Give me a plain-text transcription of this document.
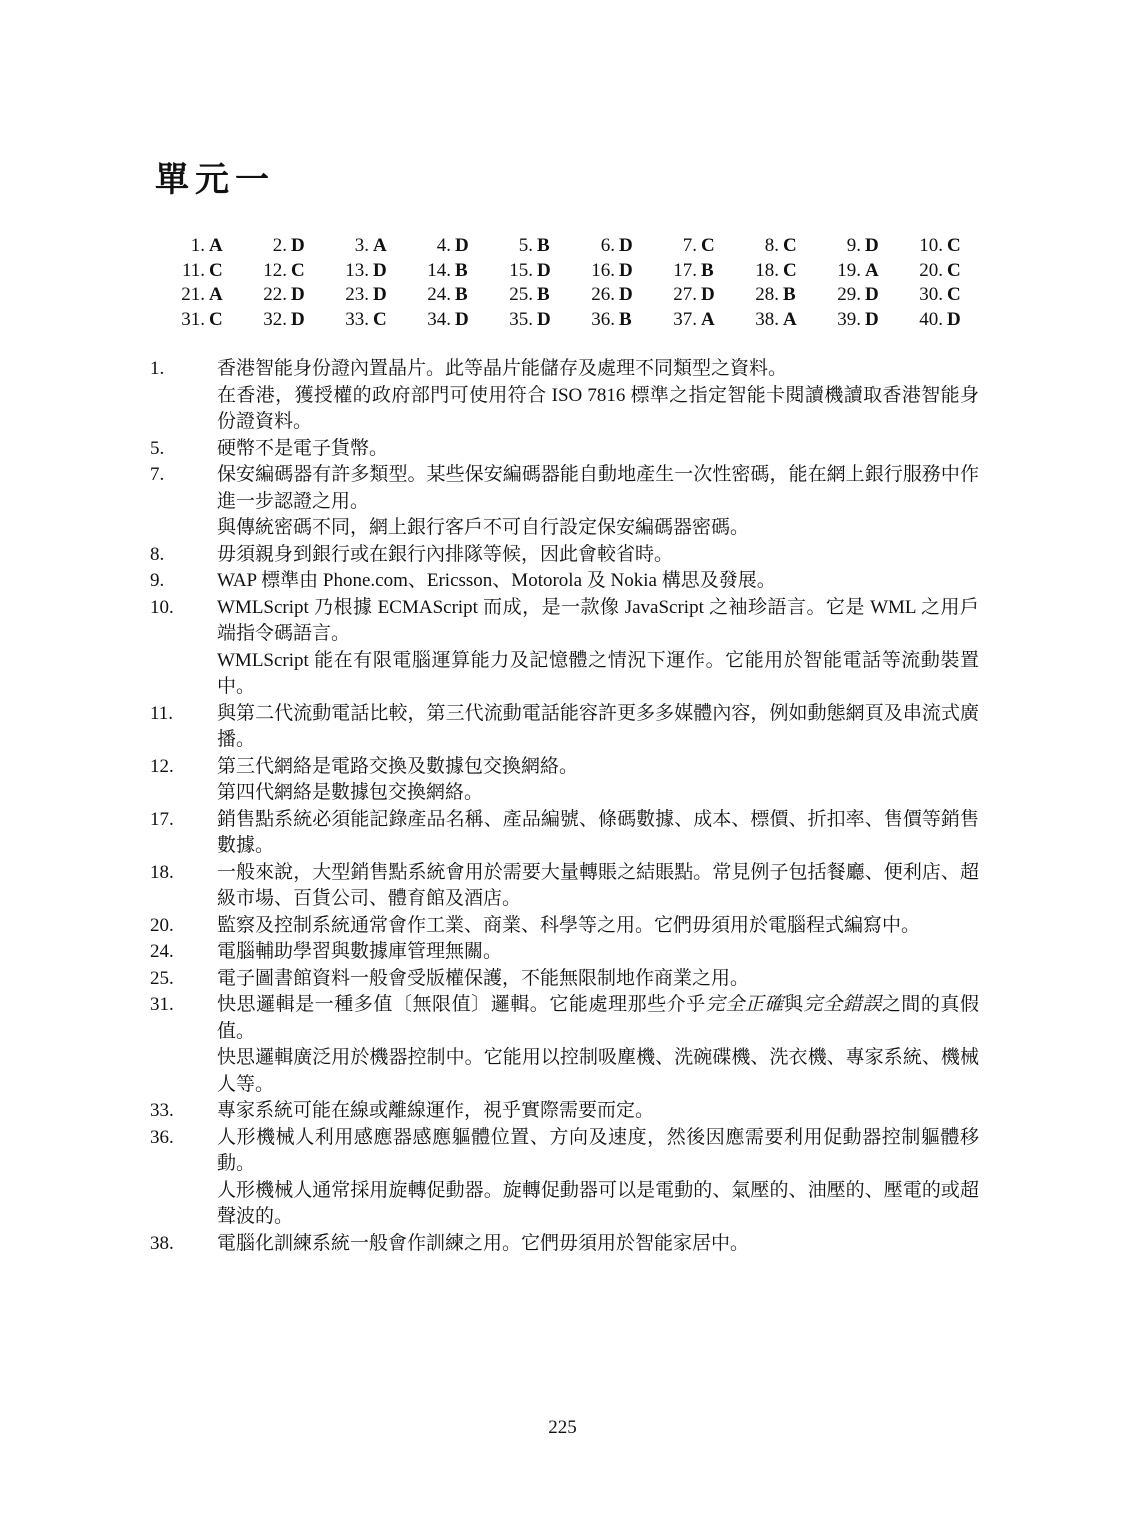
單元一
1. A	2. D	3. A	4. D	5. B	6. D	7. C	8. C	9. D	10. C
11. C	12. C	13. D	14. B	15. D	16. D	17. B	18. C	19. A	20. C
21. A	22. D	23. D	24. B	25. B	26. D	27. D	28. B	29. D	30. C
31. C	32. D	33. C	34. D	35. D	36. B	37. A	38. A	39. D	40. D
1.	香港智能身份證內置晶片。此等晶片能儲存及處理不同類型之資料。

在香港，獲授權的政府部門可使用符合 ISO 7816 標準之指定智能卡閱讀機讀取香港智能身份證資料。

5.	硬幣不是電子貨幣。

7.	保安編碼器有許多類型。某些保安編碼器能自動地產生一次性密碼，能在網上銀行服務中作進一步認證之用。

與傳統密碼不同，網上銀行客戶不可自行設定保安編碼器密碼。

8.	毋須親身到銀行或在銀行內排隊等候，因此會較省時。

9.	WAP 標準由 Phone.com、Ericsson、Motorola 及 Nokia 構思及發展。

10.	WMLScript 乃根據 ECMAScript 而成，是一款像 JavaScript 之袖珍語言。它是 WML 之用戶端指令碼語言。

WMLScript 能在有限電腦運算能力及記憶體之情況下運作。它能用於智能電話等流動裝置中。

11.	與第二代流動電話比較，第三代流動電話能容許更多多媒體內容，例如動態網頁及串流式廣播。

12.	第三代網絡是電路交換及數據包交換網絡。

第四代網絡是數據包交換網絡。

17.	銷售點系統必須能記錄產品名稱、產品編號、條碼數據、成本、標價、折扣率、售價等銷售數據。

18.	一般來說，大型銷售點系統會用於需要大量轉賬之結賬點。常見例子包括餐廳、便利店、超級市場、百貨公司、體育館及酒店。

20.	監察及控制系統通常會作工業、商業、科學等之用。它們毋須用於電腦程式編寫中。

24.	電腦輔助學習與數據庫管理無關。

25.	電子圖書館資料一般會受版權保護，不能無限制地作商業之用。

31.	快思邏輯是一種多值〔無限值〕邏輯。它能處理那些介乎完全正確與完全錯誤之間的真假值。

快思邏輯廣泛用於機器控制中。它能用以控制吸塵機、洗碗碟機、洗衣機、專家系統、機械人等。

33.	專家系統可能在線或離線運作，視乎實際需要而定。

36.	人形機械人利用感應器感應軀體位置、方向及速度，然後因應需要利用促動器控制軀體移動。

人形機械人通常採用旋轉促動器。旋轉促動器可以是電動的、氣壓的、油壓的、壓電的或超聲波的。

38.	電腦化訓練系統一般會作訓練之用。它們毋須用於智能家居中。

225
